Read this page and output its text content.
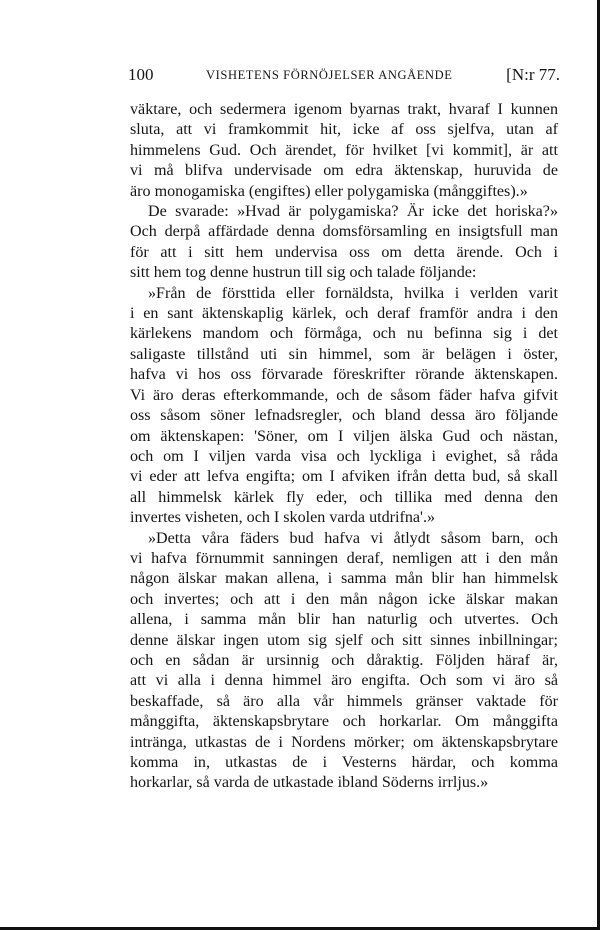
100	VISHETENS FÖRNÖJELSER ANGÅENDE	[N:r 77.

väktare, och sedermera igenom byarnas trakt, hvaraf I kunnen

sluta, att vi framkommit hit, icke af oss sjelfva, utan af

himmelens Gud. Och ärendet, för hvilket [vi kommit], är att

vi må blifva undervisade om edra äktenskap, huruvida de

äro monogamiska (engiftes) eller polygamiska (månggiftes).»

De svarade: »Hvad är polygamiska? Är icke det horiska?»

Och derpå affärdade denna domsförsamling en insigtsfull man

för att i sitt hem undervisa oss om detta ärende. Och i

sitt hem tog denne hustrun till sig och talade följande:

»Från de försttida eller fornäldsta, hvilka i verlden varit

i en sant äktenskaplig kärlek, och deraf framför andra i den

kärlekens mandom och förmåga, och nu befinna sig i det

saligaste tillstånd uti sin himmel, som är belägen i öster,

hafva vi hos oss förvarade föreskrifter rörande äktenskapen.

Vi äro deras efterkommande, och de såsom fäder hafva gifvit

oss såsom söner lefnadsregler, och bland dessa äro följande

om äktenskapen: 'Söner, om I viljen älska Gud och nästan,

och om I viljen varda visa och lyckliga i evighet, så råda

vi eder att lefva engifta; om I afviken ifrån detta bud, så skall

all himmelsk kärlek fly eder, och tillika med denna den

invertes visheten, och I skolen varda utdrifna'.»

»Detta våra fäders bud hafva vi åtlydt såsom barn, och

vi hafva förnummit sanningen deraf, nemligen att i den mån

någon älskar makan allena, i samma mån blir han himmelsk

och invertes; och att i den mån någon icke älskar makan

allena, i samma mån blir han naturlig och utvertes. Och

denne älskar ingen utom sig sjelf och sitt sinnes inbillningar;

och en sådan är ursinnig och dåraktig. Följden häraf är,

att vi alla i denna himmel äro engifta. Och som vi äro så

beskaffade, så äro alla vår himmels gränser vaktade för

månggifta, äktenskapsbrytare och horkarlar. Om månggifta

intränga, utkastas de i Nordens mörker; om äktenskapsbrytare

komma in, utkastas de i Vesterns härdar, och komma

horkarlar, så varda de utkastade ibland Söderns irrljus.»
